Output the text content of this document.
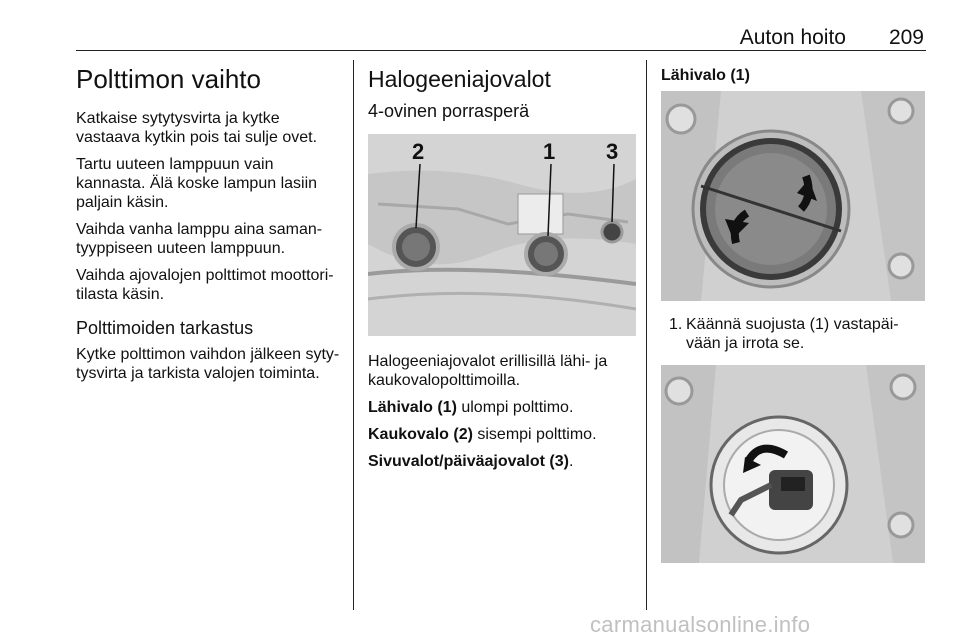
Auton hoito 209
Polttimon vaihto

Katkaise sytytysvirta ja kytke vastaava kytkin pois tai sulje ovet.

Tartu uuteen lamppuun vain kannasta. Älä koske lampun lasiin paljain käsin.

Vaihda vanha lamppu aina saman-tyyppiseen uuteen lamppuun.

Vaihda ajovalojen polttimot moottori-tilasta käsin.

Polttimoiden tarkastus

Kytke polttimon vaihdon jälkeen syty-tysvirta ja tarkista valojen toiminta.

Halogeeniajovalot
4-ovinen porrasperä
2	1 3

Halogeeniajovalot erillisillä lähi- ja kaukovalopolttimoilla.

Lähivalo (1) ulompi polttimo.

Kaukovalo (2) sisempi polttimo.

Sivuvalot/päiväajovalot (3).

Lähivalo (1)
1. Käännä suojusta (1) vastapäi-vään ja irrota se.
carmanualsonline.info
